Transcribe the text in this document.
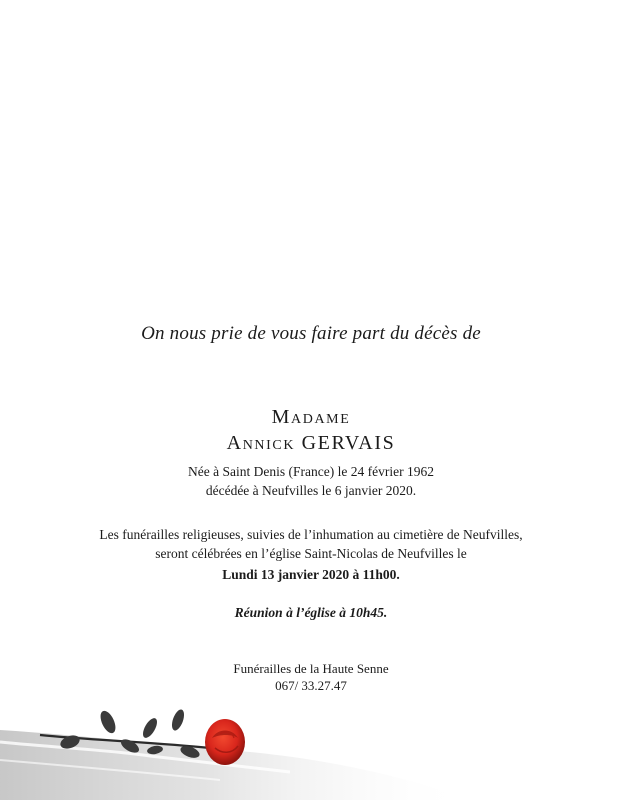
On nous prie de vous faire part du décès de
Madame
Annick GERVAIS
Née à Saint Denis (France) le 24 février 1962
décédée à Neufvilles le 6 janvier 2020.
Les funérailles religieuses, suivies de l’inhumation au cimetière de Neufvilles,
seront célébrées en l’église Saint-Nicolas de Neufvilles le
Lundi 13 janvier 2020 à 11h00.
Réunion à l’église à 10h45.
Funérailles de la Haute Senne
067/ 33.27.47
